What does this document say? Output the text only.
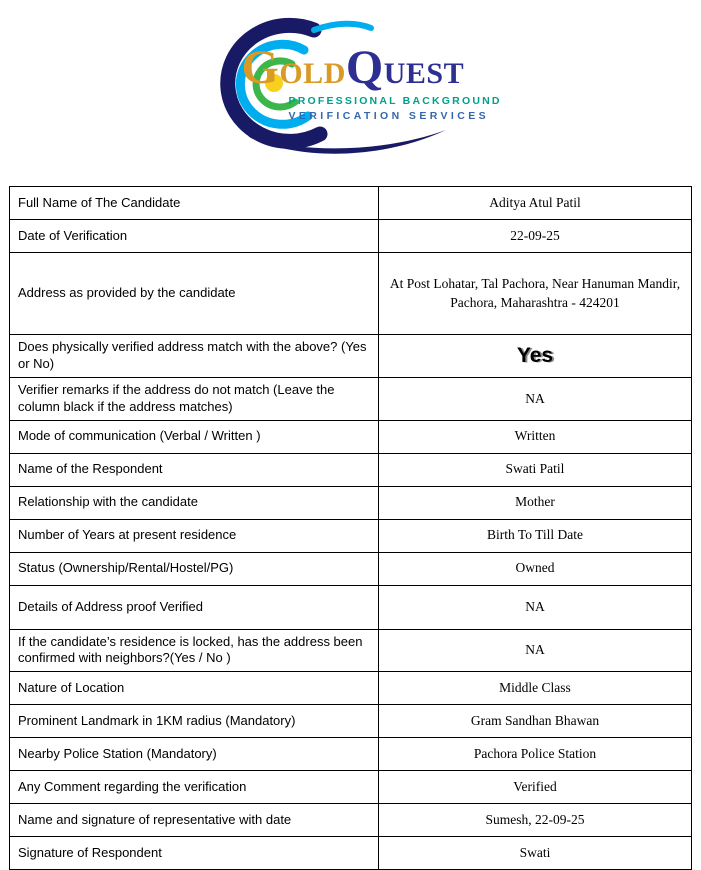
GOLDQUEST
PROFESSIONAL BACKGROUND
VERIFICATION SERVICES
Full Name of The Candidate	Aditya Atul Patil
Date of Verification	22-09-25
Address as provided by the candidate	At Post Lohatar, Tal Pachora, Near Hanuman Mandir, Pachora, Maharashtra - 424201
Does physically verified address match with the above? (Yes or No)	Yes
Verifier remarks if the address do not match (Leave the column black if the address matches)	NA
Mode of communication (Verbal / Written )	Written
Name of the Respondent	Swati Patil
Relationship with the candidate	Mother
Number of Years at present residence	Birth To Till Date
Status (Ownership/Rental/Hostel/PG)	Owned
Details of Address proof Verified	NA
If the candidate’s residence is locked, has the address been confirmed with neighbors?(Yes / No )	NA
Nature of Location	Middle Class
Prominent Landmark in 1KM radius (Mandatory)	Gram Sandhan Bhawan
Nearby Police Station (Mandatory)	Pachora Police Station
Any Comment regarding the verification	Verified
Name and signature of representative with date	Sumesh, 22-09-25
Signature of Respondent	Swati
